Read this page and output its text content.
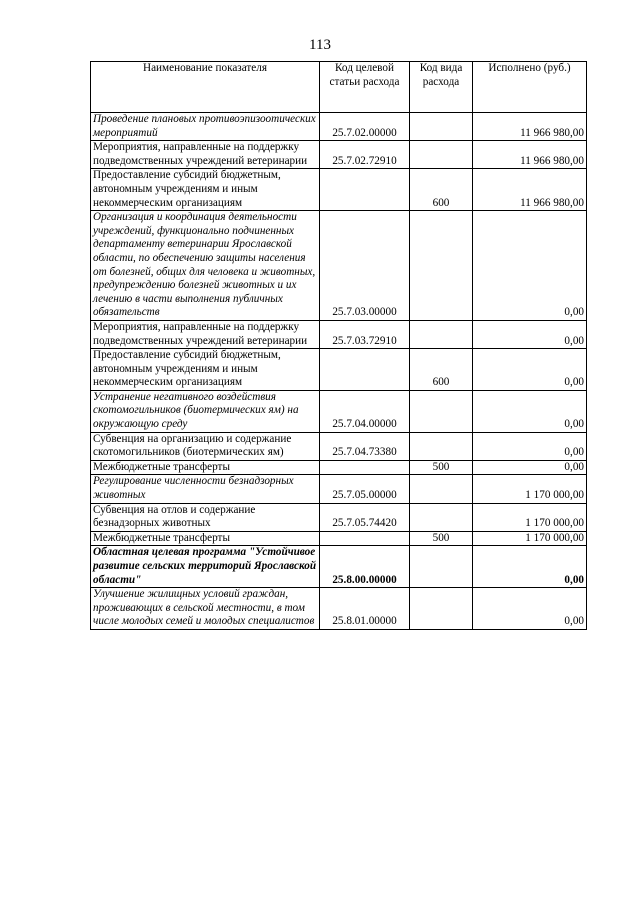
113
Наименование показателя	Код целевой статьи расхода	Код вида расхода	Исполнено (руб.)
Проведение плановых противоэпизоотических мероприятий	25.7.02.00000		11 966 980,00
Мероприятия, направленные на поддержку подведомственных учреждений ветеринарии	25.7.02.72910		11 966 980,00
Предоставление субсидий бюджетным, автономным учреждениям и иным некоммерческим организациям		600	11 966 980,00
Организация и координация деятельности учреждений, функционально подчиненных департаменту ветеринарии Ярославской области, по обеспечению защиты населения от болезней, общих для человека и животных, предупреждению болезней животных и их лечению в части выполнения публичных обязательств	25.7.03.00000		0,00
Мероприятия, направленные на поддержку подведомственных учреждений ветеринарии	25.7.03.72910		0,00
Предоставление субсидий бюджетным, автономным учреждениям и иным некоммерческим организациям		600	0,00
Устранение негативного воздействия скотомогильников (биотермических ям) на окружающую среду	25.7.04.00000		0,00
Субвенция на организацию и содержание скотомогильников (биотермических ям)	25.7.04.73380		0,00
Межбюджетные трансферты		500	0,00
Регулирование численности безнадзорных животных	25.7.05.00000		1 170 000,00
Субвенция на отлов и содержание безнадзорных животных	25.7.05.74420		1 170 000,00
Межбюджетные трансферты		500	1 170 000,00
Областная целевая программа "Устойчивое развитие сельских территорий Ярославской области"	25.8.00.00000		0,00
Улучшение жилищных условий граждан, проживающих в сельской местности, в том числе молодых семей и молодых специалистов	25.8.01.00000		0,00
